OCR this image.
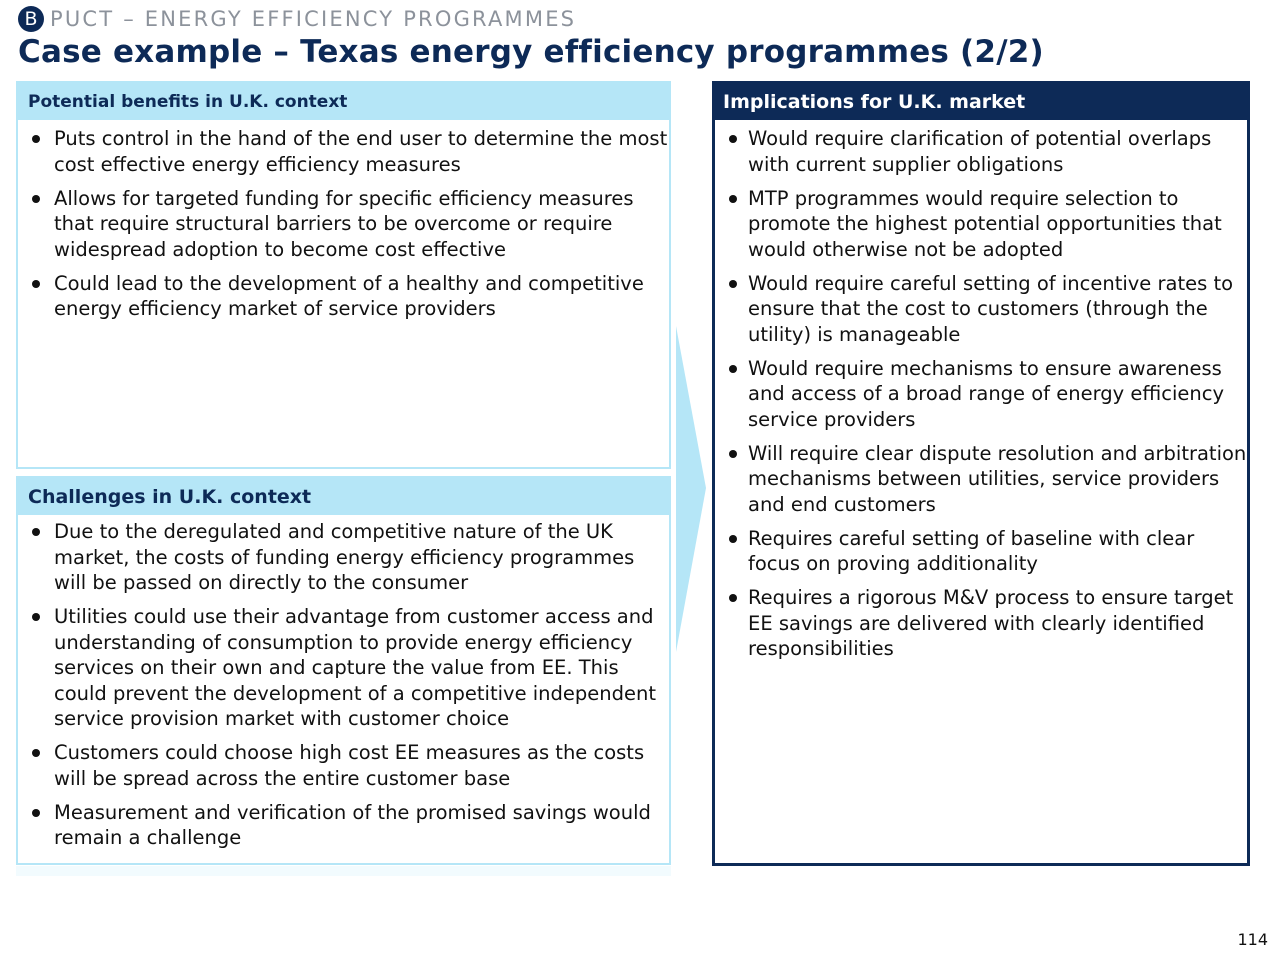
B PUCT – ENERGY EFFICIENCY PROGRAMMES
Case example – Texas energy efficiency programmes (2/2)
Potential benefits in U.K. context
Puts control in the hand of the end user to determine the most cost effective energy efficiency measures
Allows for targeted funding for specific efficiency measures that require structural barriers to be overcome or require widespread adoption to become cost effective
Could lead to the development of a healthy and competitive energy efficiency market of service providers
Challenges in U.K. context
Due to the deregulated and competitive nature of the UK market, the costs of funding energy efficiency programmes will be passed on directly to the consumer
Utilities could use their advantage from customer access and understanding of consumption to provide energy efficiency services on their own and capture the value from EE. This could prevent the development of a competitive independent service provision market with customer choice
Customers could choose high cost EE measures as the costs will be spread across the entire customer base
Measurement and verification of the promised savings would remain a challenge
Implications for U.K. market
Would require clarification of potential overlaps with current supplier obligations
MTP programmes would require selection to promote the highest potential opportunities that would otherwise not be adopted
Would require careful setting of incentive rates to ensure that the cost to customers (through the utility) is manageable
Would require mechanisms to ensure awareness and access of a broad range of energy efficiency service providers
Will require clear dispute resolution and arbitration mechanisms between utilities, service providers and end customers
Requires careful setting of baseline with clear focus on proving additionality
Requires a rigorous M&V process to ensure target EE savings are delivered with clearly identified responsibilities
114
